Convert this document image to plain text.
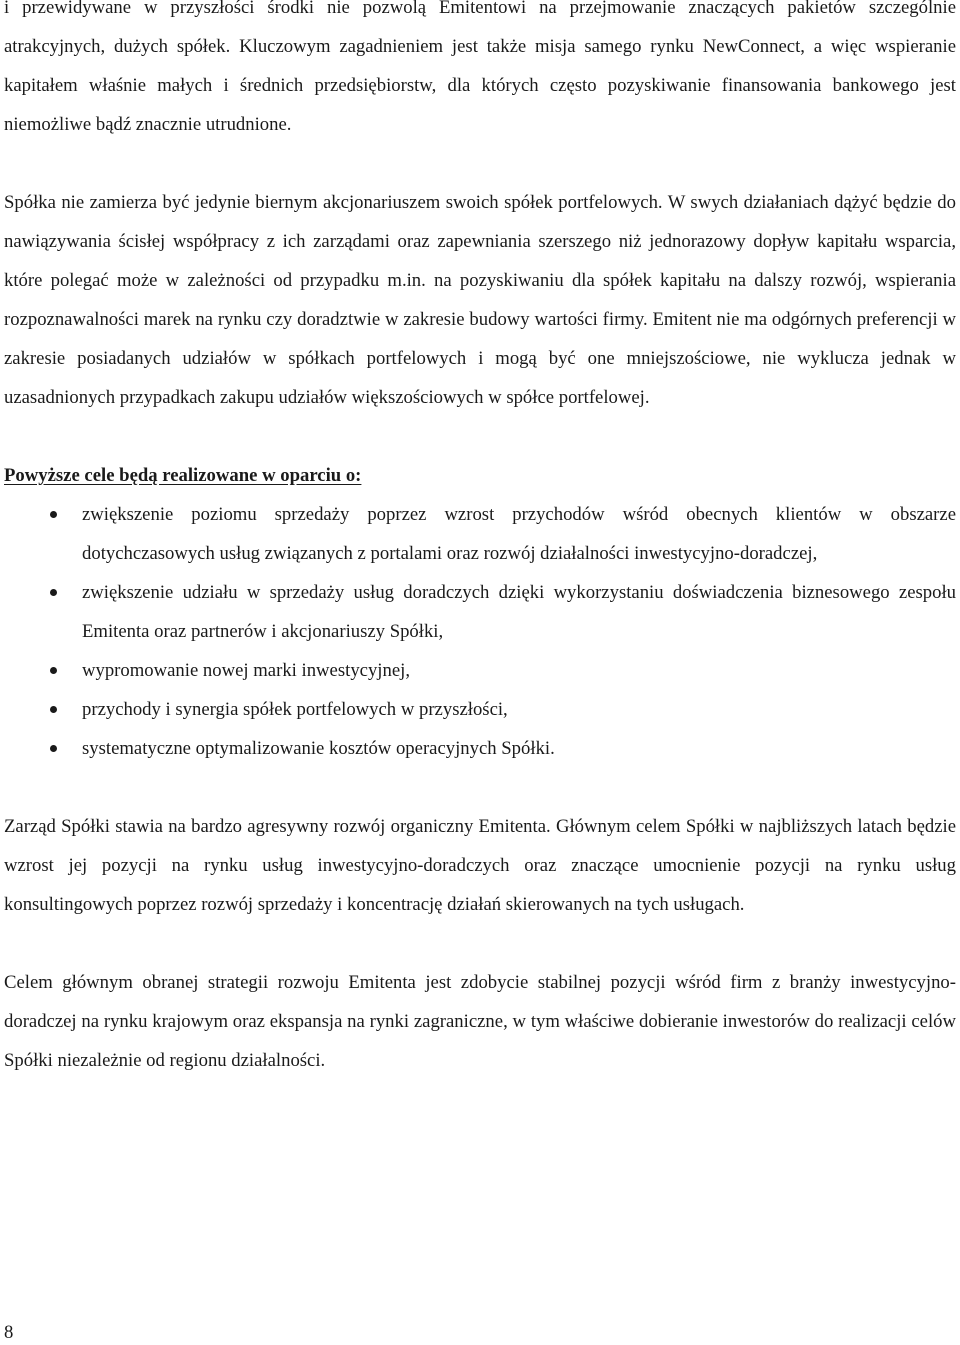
i przewidywane w przyszłości środki nie pozwolą Emitentowi na przejmowanie znaczących pakietów szczególnie atrakcyjnych, dużych spółek. Kluczowym zagadnieniem jest także misja samego rynku NewConnect, a więc wspieranie kapitałem właśnie małych i średnich przedsiębiorstw, dla których często pozyskiwanie finansowania bankowego jest niemożliwe bądź znacznie utrudnione.

Spółka nie zamierza być jedynie biernym akcjonariuszem swoich spółek portfelowych. W swych działaniach dążyć będzie do nawiązywania ścisłej współpracy z ich zarządami oraz zapewniania szerszego niż jednorazowy dopływ kapitału wsparcia, które polegać może w zależności od przypadku m.in. na pozyskiwaniu dla spółek kapitału na dalszy rozwój, wspierania rozpoznawalności marek na rynku czy doradztwie w zakresie budowy wartości firmy. Emitent nie ma odgórnych preferencji w zakresie posiadanych udziałów w spółkach portfelowych i mogą być one mniejszościowe, nie wyklucza jednak w uzasadnionych przypadkach zakupu udziałów większościowych w spółce portfelowej.

Powyższe cele będą realizowane w oparciu o:

zwiększenie poziomu sprzedaży poprzez wzrost przychodów wśród obecnych klientów w obszarze dotychczasowych usług związanych z portalami oraz rozwój działalności inwestycyjno-doradczej,
zwiększenie udziału w sprzedaży usług doradczych dzięki wykorzystaniu doświadczenia biznesowego zespołu Emitenta oraz partnerów i akcjonariuszy Spółki,
wypromowanie nowej marki inwestycyjnej,
przychody i synergia spółek portfelowych w przyszłości,
systematyczne optymalizowanie kosztów operacyjnych Spółki.

Zarząd Spółki stawia na bardzo agresywny rozwój organiczny Emitenta. Głównym celem Spółki w najbliższych latach będzie wzrost jej pozycji na rynku usług inwestycyjno-doradczych oraz znaczące umocnienie pozycji na rynku usług konsultingowych poprzez rozwój sprzedaży i koncentrację działań skierowanych na tych usługach.

Celem głównym obranej strategii rozwoju Emitenta jest zdobycie stabilnej pozycji wśród firm z branży inwestycyjno-doradczej na rynku krajowym oraz ekspansja na rynki zagraniczne, w tym właściwe dobieranie inwestorów do realizacji celów Spółki niezależnie od regionu działalności.

8
